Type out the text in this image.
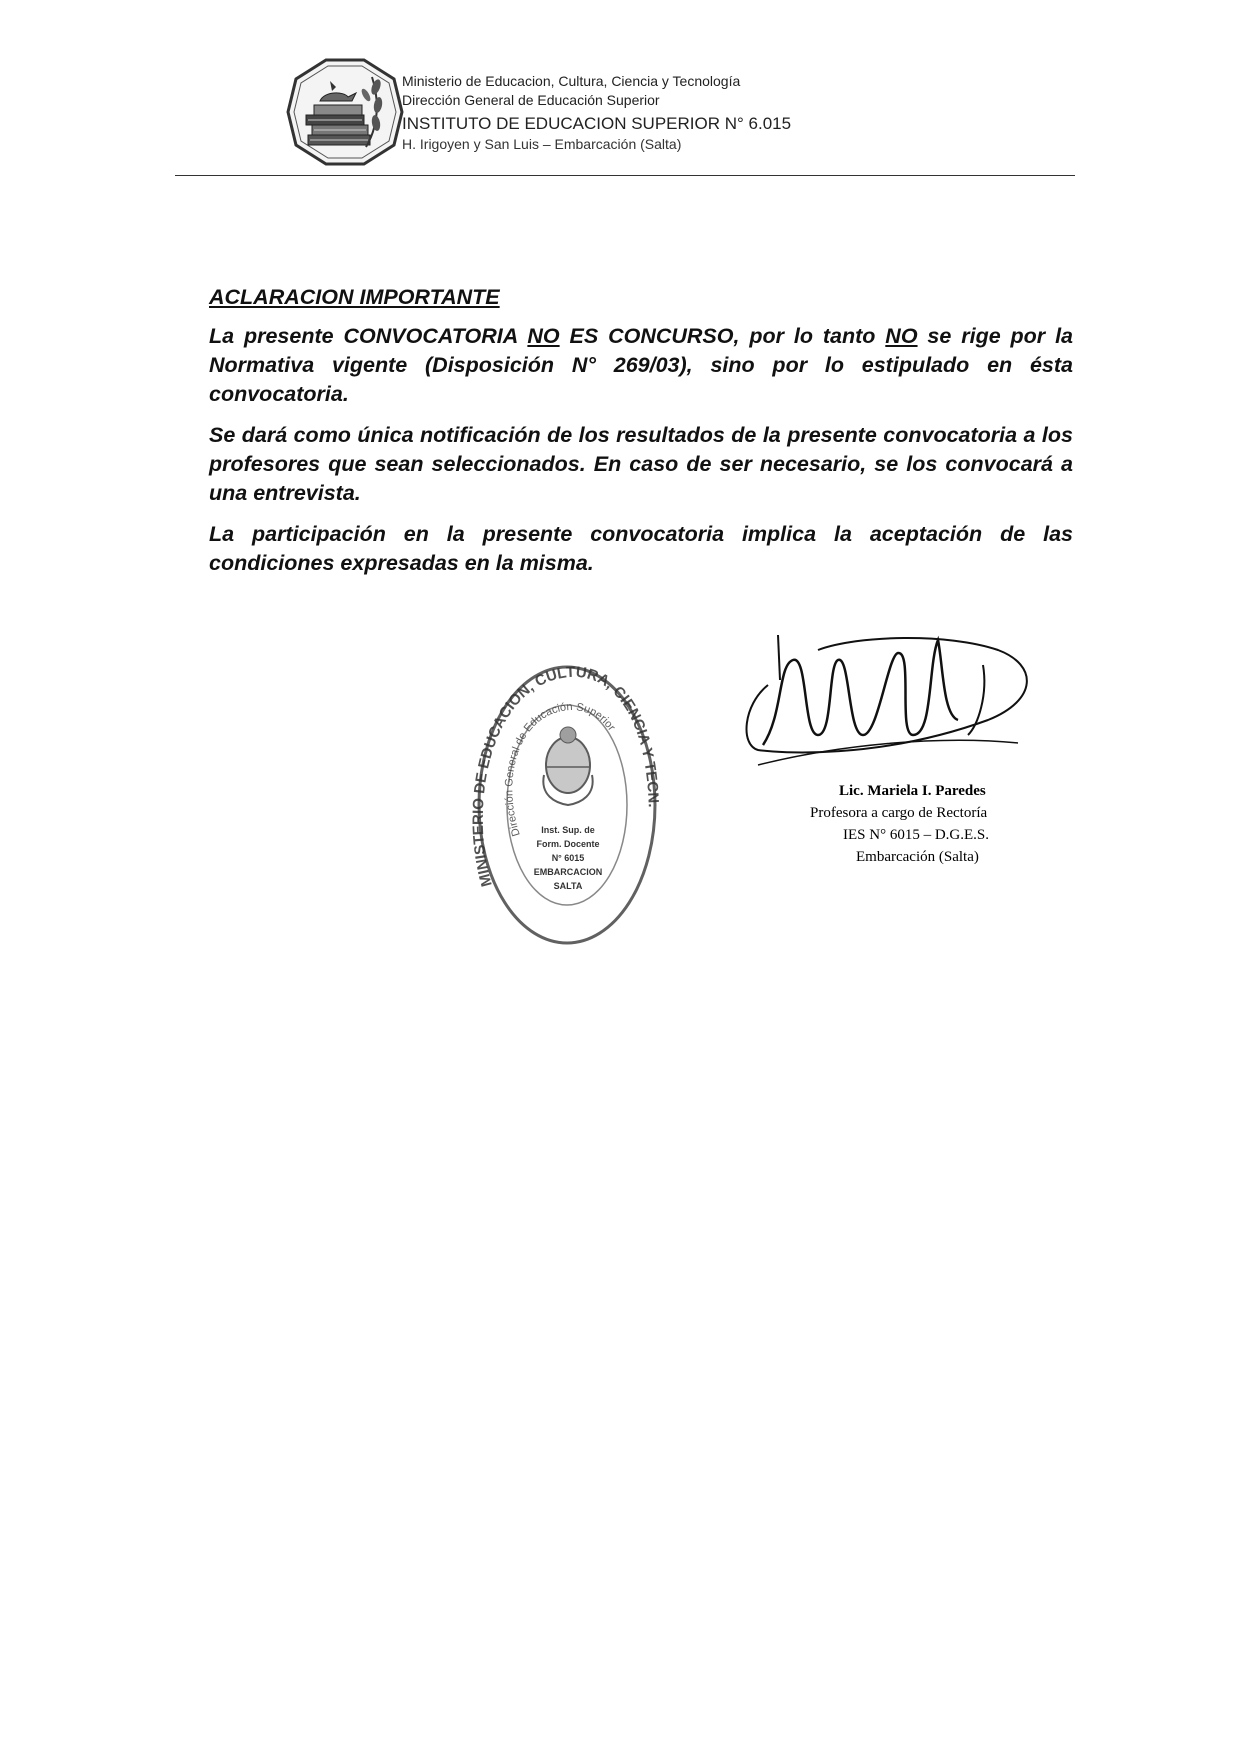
Ministerio de Educacion, Cultura, Ciencia y Tecnología
Dirección General de Educación Superior
INSTITUTO DE EDUCACION SUPERIOR N° 6.015
H. Irigoyen y San Luis – Embarcación (Salta)

ACLARACION IMPORTANTE

La presente CONVOCATORIA NO ES CONCURSO, por lo tanto NO se rige por la Normativa vigente (Disposición N° 269/03), sino por lo estipulado en ésta convocatoria.

Se dará como única notificación de los resultados de la presente convocatoria a los profesores que sean seleccionados. En caso de ser necesario, se los convocará a una entrevista.

La participación en la presente convocatoria implica la aceptación de las condiciones expresadas en la misma.

MINISTERIO DE EDUCACION, CULTURA, CIENCIA Y TECN.
Dirección General de Educación Superior
Inst. Sup. de
Form. Docente
N° 6015
EMBARCACION
SALTA
Lic. Mariela I. Paredes
Profesora a cargo de Rectoría
IES N° 6015 – D.G.E.S.
Embarcación (Salta)
